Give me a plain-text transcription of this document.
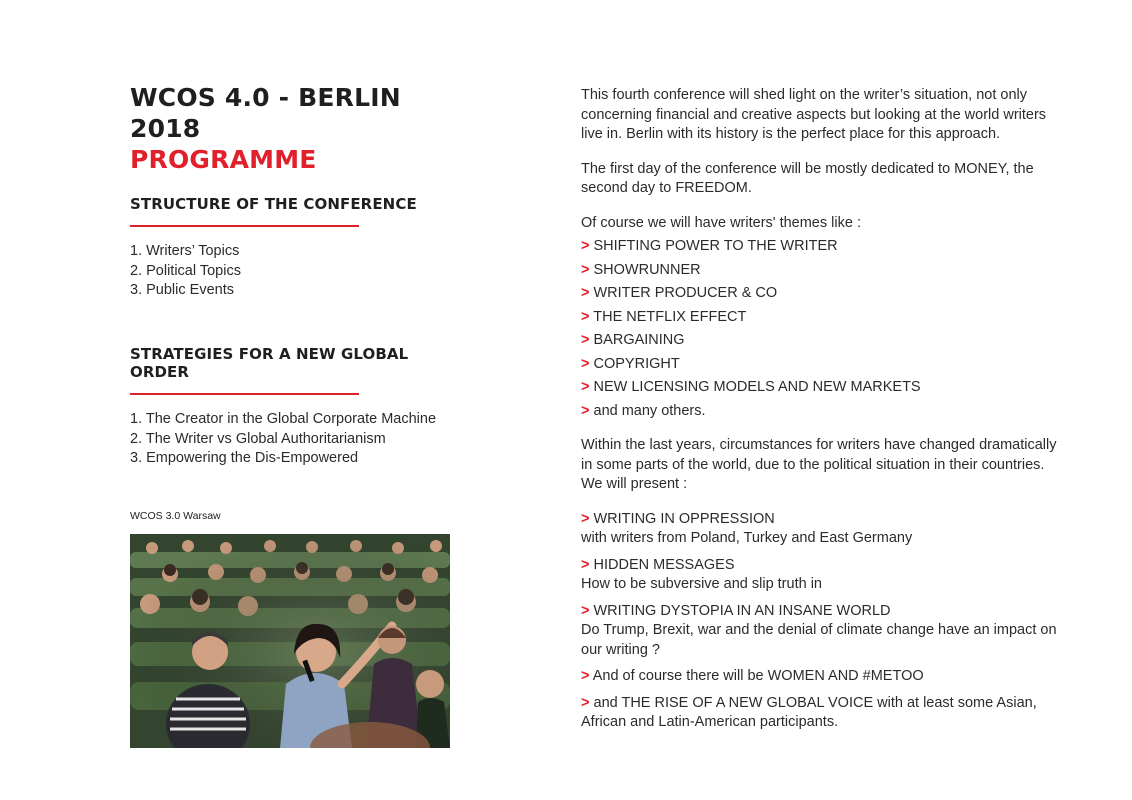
WCOS 4.0 - BERLIN 2018
PROGRAMME
STRUCTURE OF THE CONFERENCE
1. Writers’ Topics
2. Political Topics
3. Public Events
STRATEGIES FOR A NEW GLOBAL ORDER
1. The Creator in the Global Corporate Machine
2. The Writer vs Global Authoritarianism
3. Empowering the Dis-Empowered
WCOS 3.0 Warsaw
This fourth conference will shed light on the writer’s situation, not only concerning financial and creative aspects but looking at the world writers live in. Berlin with its history is the perfect place for this approach.
The first day of the conference will be mostly dedicated to MONEY, the second day to FREEDOM.
Of course we will have writers' themes like :
> SHIFTING POWER TO THE WRITER
> SHOWRUNNER
> WRITER PRODUCER & CO
> THE NETFLIX EFFECT
> BARGAINING
> COPYRIGHT
> NEW LICENSING MODELS AND NEW MARKETS
> and many others.
Within the last years, circumstances for writers have changed dramatically in some parts of the world, due to the political situation in their countries. We will present :
> WRITING IN OPPRESSION
with writers from Poland, Turkey and East Germany
> HIDDEN MESSAGES
How to be subversive and slip truth in
> WRITING DYSTOPIA IN AN INSANE WORLD
Do Trump, Brexit, war and the denial of climate change have an impact on our writing ?
> And of course there will be WOMEN AND #METOO
> and THE RISE OF A NEW GLOBAL VOICE with at least some Asian, African and Latin-American participants.
